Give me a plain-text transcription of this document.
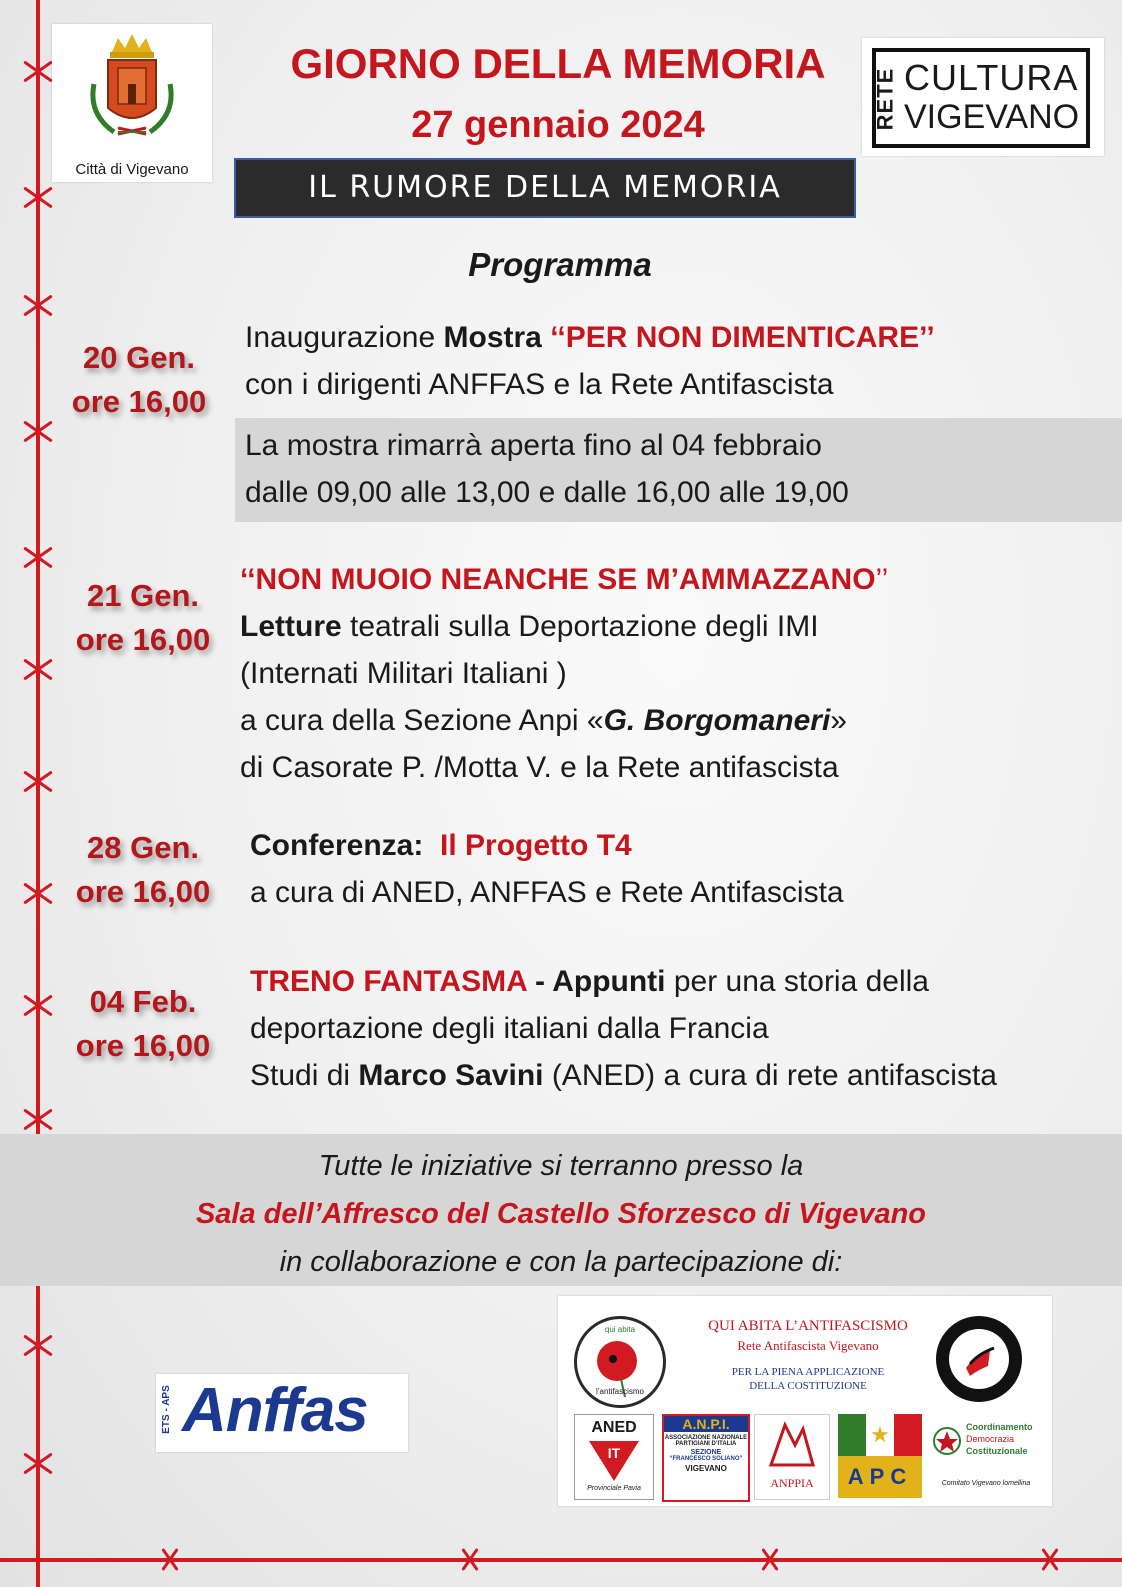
Città di Vigevano
GIORNO DELLA MEMORIA
27 gennaio 2024	RETE CULTURA
VIGEVANO
IL RUMORE DELLA MEMORIA
Programma
20 Gen.
ore 16,00
Inaugurazione Mostra ‘‘PER NON DIMENTICARE’’
con i dirigenti ANFFAS e la Rete Antifascista
La mostra rimarrà aperta fino al 04 febbraio
dalle 09,00 alle 13,00 e dalle 16,00 alle 19,00
21 Gen.
ore 16,00
‘‘NON MUOIO NEANCHE SE M’AMMAZZANO’’
Letture teatrali sulla Deportazione degli IMI
(Internati Militari Italiani )
a cura della Sezione Anpi «G. Borgomaneri»
di Casorate P. /Motta V. e la Rete antifascista
28 Gen.
ore 16,00
Conferenza:  Il Progetto T4
a cura di ANED, ANFFAS e Rete Antifascista
04 Feb.
ore 16,00
TRENO FANTASMA - Appunti per una storia della
deportazione degli italiani dalla Francia
Studi di Marco Savini (ANED) a cura di rete antifascista
Tutte le iniziative si terranno presso la
Sala dell’Affresco del Castello Sforzesco di Vigevano
in collaborazione e con la partecipazione di:
ETS - APS Anffas
qui abita
l’antifascismo
QUI ABITA L’ANTIFASCISMO
Rete Antifascista Vigevano
PER LA PIENA APPLICAZIONE
DELLA COSTITUZIONE
ANED
IT
Provinciale Pavia
A.N.P.I.
ASSOCIAZIONE NAZIONALE
PARTIGIANI D’ITALIA
SEZIONE
“FRANCESCO SOLIANO”
VIGEVANO
ANPPIA
★
APC
Coordinamento
Democrazia
Costituzionale
Comitato Vigevano lomellina
